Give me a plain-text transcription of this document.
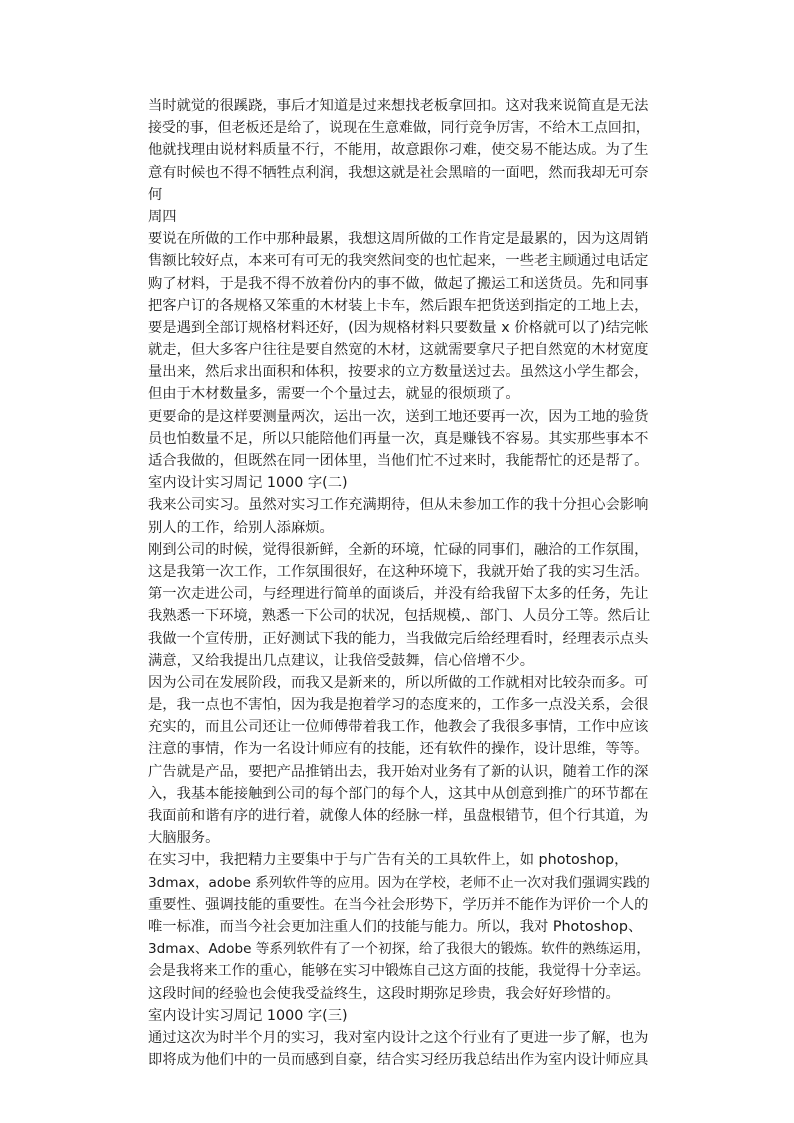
当时就觉的很蹊跷，事后才知道是过来想找老板拿回扣。这对我来说简直是无法
接受的事，但老板还是给了，说现在生意难做，同行竞争厉害，不给木工点回扣，
他就找理由说材料质量不行，不能用，故意跟你刁难，使交易不能达成。为了生
意有时候也不得不牺牲点利润，我想这就是社会黑暗的一面吧，然而我却无可奈
何
周四
要说在所做的工作中那种最累，我想这周所做的工作肯定是最累的，因为这周销
售额比较好点，本来可有可无的我突然间变的也忙起来，一些老主顾通过电话定
购了材料，于是我不得不放着份内的事不做，做起了搬运工和送货员。先和同事
把客户订的各规格又笨重的木材装上卡车，然后跟车把货送到指定的工地上去，
要是遇到全部订规格材料还好，(因为规格材料只要数量 x 价格就可以了)结完帐
就走，但大多客户往往是要自然宽的木材，这就需要拿尺子把自然宽的木材宽度
量出来，然后求出面积和体积，按要求的立方数量送过去。虽然这小学生都会，
但由于木材数量多，需要一个个量过去，就显的很烦琐了。
更要命的是这样要测量两次，运出一次，送到工地还要再一次，因为工地的验货
员也怕数量不足，所以只能陪他们再量一次，真是赚钱不容易。其实那些事本不
适合我做的，但既然在同一团体里，当他们忙不过来时，我能帮忙的还是帮了。
室内设计实习周记 1000 字(二)
我来公司实习。虽然对实习工作充满期待，但从未参加工作的我十分担心会影响
别人的工作，给别人添麻烦。
刚到公司的时候，觉得很新鲜，全新的环境，忙碌的同事们，融洽的工作氛围，
这是我第一次工作，工作氛围很好，在这种环境下，我就开始了我的实习生活。
第一次走进公司，与经理进行简单的面谈后，并没有给我留下太多的任务，先让
我熟悉一下环境，熟悉一下公司的状况，包括规模,、部门、人员分工等。然后让
我做一个宣传册，正好测试下我的能力，当我做完后给经理看时，经理表示点头
满意，又给我提出几点建议，让我倍受鼓舞，信心倍增不少。
因为公司在发展阶段，而我又是新来的，所以所做的工作就相对比较杂而多。可
是，我一点也不害怕，因为我是抱着学习的态度来的，工作多一点没关系，会很
充实的，而且公司还让一位师傅带着我工作，他教会了我很多事情，工作中应该
注意的事情，作为一名设计师应有的技能，还有软件的操作，设计思维，等等。
广告就是产品，要把产品推销出去，我开始对业务有了新的认识，随着工作的深
入，我基本能接触到公司的每个部门的每个人，这其中从创意到推广的环节都在
我面前和谐有序的进行着，就像人体的经脉一样，虽盘根错节，但个行其道，为
大脑服务。
在实习中，我把精力主要集中于与广告有关的工具软件上，如 photoshop，
3dmax，adobe 系列软件等的应用。因为在学校，老师不止一次对我们强调实践的
重要性、强调技能的重要性。在当今社会形势下，学历并不能作为评价一个人的
唯一标准，而当今社会更加注重人们的技能与能力。所以，我对 Photoshop、
3dmax、Adobe 等系列软件有了一个初探，给了我很大的锻炼。软件的熟练运用，
会是我将来工作的重心，能够在实习中锻炼自己这方面的技能，我觉得十分幸运。
这段时间的经验也会使我受益终生，这段时期弥足珍贵，我会好好珍惜的。
室内设计实习周记 1000 字(三)
通过这次为时半个月的实习，我对室内设计之这个行业有了更进一步了解，也为
即将成为他们中的一员而感到自豪，结合实习经历我总结出作为室内设计师应具
